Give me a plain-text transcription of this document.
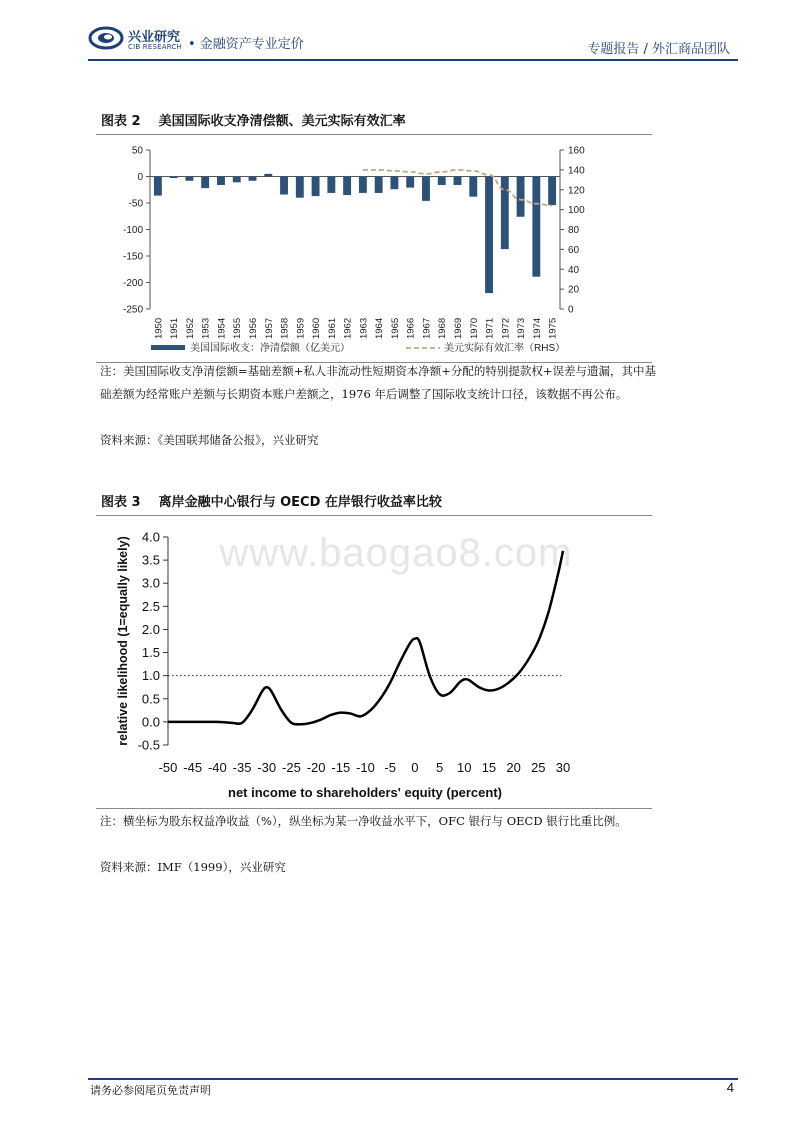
兴业研究
CIB RESEARCH • 金融资产专业定价	专题报告 / 外汇商品团队
图表 2 美国国际收支净清偿额、美元实际有效汇率
50
0
-50
-100
-150
-200
-250
160
140
120
100
80
60
40
20
0
1950 1951 1952 1953 1954 1955 1956 1957 1958 1959 1960 1961 1962 1963 1964 1965 1966 1967 1968 1969 1970 1971 1972 1973 1974 1975
美国国际收支：净清偿额（亿美元）	美元实际有效汇率（RHS）
注：美国国际收支净清偿额=基础差额+私人非流动性短期资本净额+分配的特别提款权+误差与遗漏，其中基础差额为经常账户差额与长期资本账户差额之，1976 年后调整了国际收支统计口径，该数据不再公布。
资料来源：《美国联邦储备公报》，兴业研究
图表 3 离岸金融中心银行与 OECD 在岸银行收益率比较
www.baogao8.com
4.0
3.5
3.0
2.5
2.0
1.5
1.0
0.5
0.0
-0.5
-50 -45 -40 -35 -30 -25 -20 -15 -10 -5 0 5 10 15 20 25 30
net income to shareholders' equity (percent)
relative likelihood (1=equally likely)
注：横坐标为股东权益净收益（%），纵坐标为某一净收益水平下，OFC 银行与 OECD 银行比重比例。
资料来源：IMF（1999），兴业研究
请务必参阅尾页免责声明	4
